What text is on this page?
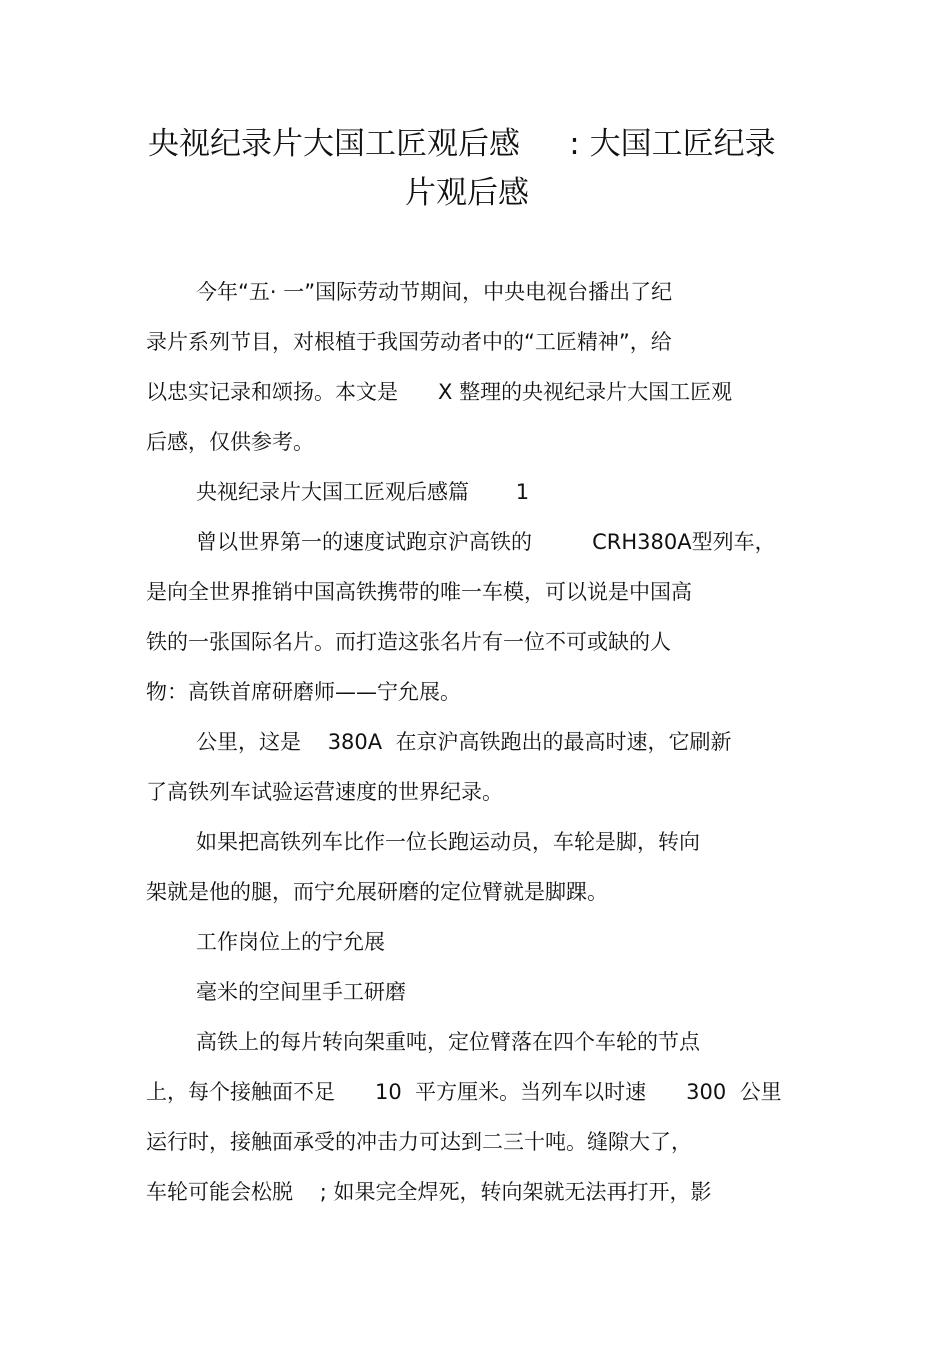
央视纪录片大国工匠观后感     : 大国工匠纪录
片观后感
今年“五· 一”国际劳动节期间，中央电视台播出了纪
录片系列节目，对根植于我国劳动者中的“工匠精神”，给
以忠实记录和颂扬。本文是      X 整理的央视纪录片大国工匠观
后感，仅供参考。
央视纪录片大国工匠观后感篇       1
曾以世界第一的速度试跑京沪高铁的         CRH380A型列车，
是向全世界推销中国高铁携带的唯一车模，可以说是中国高
铁的一张国际名片。而打造这张名片有一位不可或缺的人
物：高铁首席研磨师——宁允展。
公里，这是    380A  在京沪高铁跑出的最高时速，它刷新
了高铁列车试验运营速度的世界纪录。
如果把高铁列车比作一位长跑运动员，车轮是脚，转向
架就是他的腿，而宁允展研磨的定位臂就是脚踝。
工作岗位上的宁允展
毫米的空间里手工研磨
高铁上的每片转向架重吨，定位臂落在四个车轮的节点
上，每个接触面不足      10  平方厘米。当列车以时速      300  公里
运行时，接触面承受的冲击力可达到二三十吨。缝隙大了，
车轮可能会松脱    ; 如果完全焊死，转向架就无法再打开，影
